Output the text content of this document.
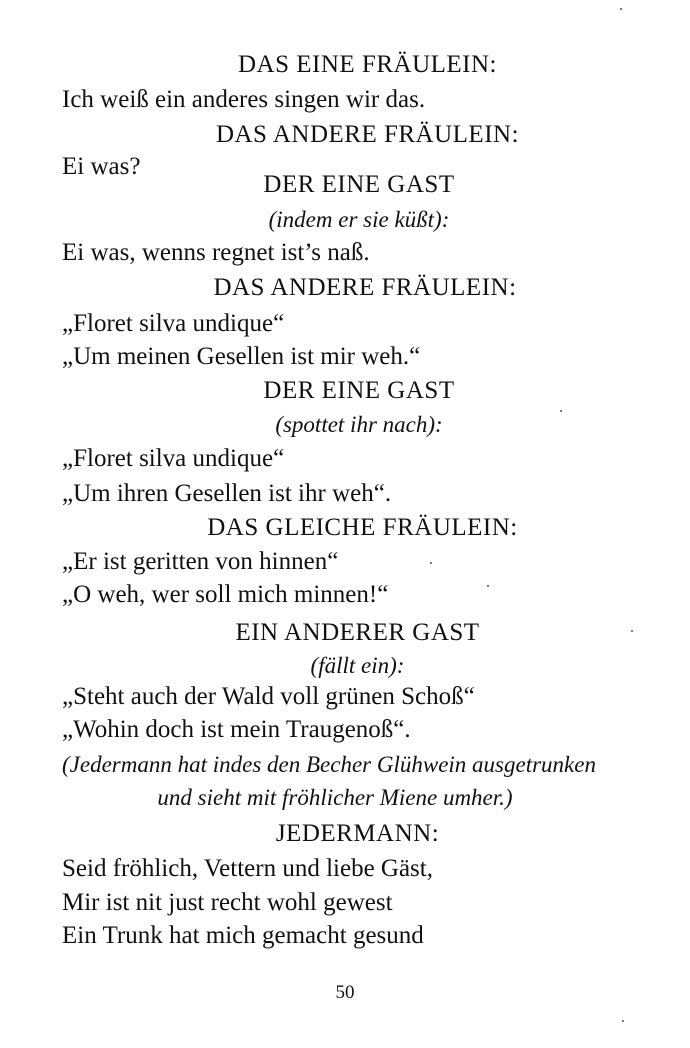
DAS EINE FRÄULEIN:
Ich weiß ein anderes singen wir das.
DAS ANDERE FRÄULEIN:
Ei was?
DER EINE GAST
(indem er sie küßt):
Ei was, wenns regnet ist’s naß.
DAS ANDERE FRÄULEIN:
„Floret silva undique“
„Um meinen Gesellen ist mir weh.“
DER EINE GAST
(spottet ihr nach):
„Floret silva undique“
„Um ihren Gesellen ist ihr weh“.
DAS GLEICHE FRÄULEIN:
„Er ist geritten von hinnen“
„O weh, wer soll mich minnen!“
EIN ANDERER GAST
(fällt ein):
„Steht auch der Wald voll grünen Schoß“
„Wohin doch ist mein Traugenoß“.
(Jedermann hat indes den Becher Glühwein ausgetrunken
und sieht mit fröhlicher Miene umher.)
JEDERMANN:
Seid fröhlich, Vettern und liebe Gäst,
Mir ist nit just recht wohl gewest
Ein Trunk hat mich gemacht gesund
50
